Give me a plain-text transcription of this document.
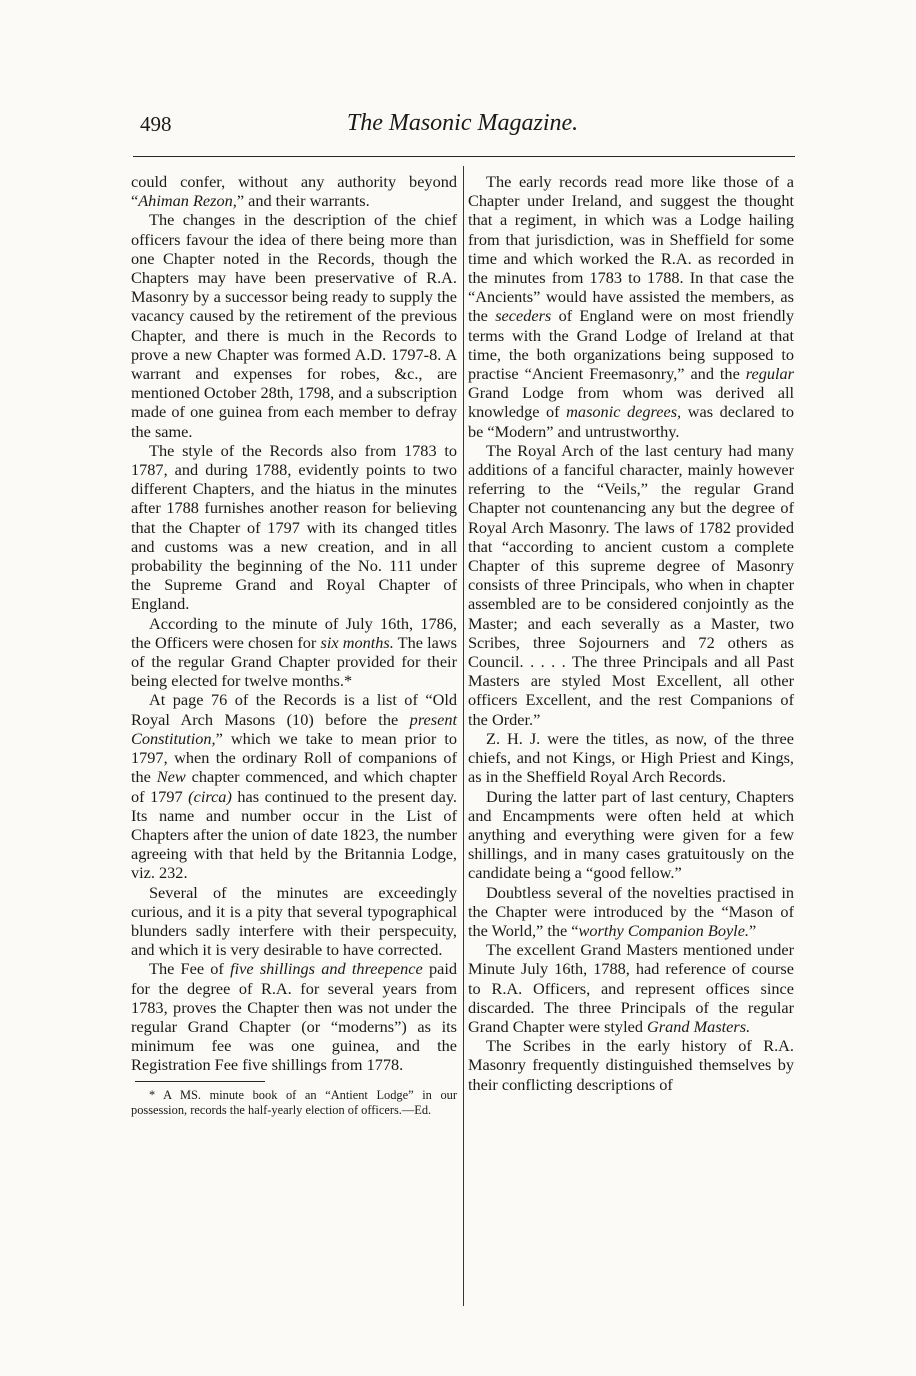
498	The Masonic Magazine.

could confer, without any authority beyond “Ahiman Rezon,” and their warrants.

The changes in the description of the chief officers favour the idea of there being more than one Chapter noted in the Records, though the Chapters may have been preservative of R.A. Masonry by a successor being ready to supply the vacancy caused by the retirement of the previous Chapter, and there is much in the Records to prove a new Chapter was formed A.D. 1797-8. A warrant and expenses for robes, &c., are mentioned October 28th, 1798, and a subscription made of one guinea from each member to defray the same.

The style of the Records also from 1783 to 1787, and during 1788, evidently points to two different Chapters, and the hiatus in the minutes after 1788 furnishes another reason for believing that the Chapter of 1797 with its changed titles and customs was a new creation, and in all probability the beginning of the No. 111 under the Supreme Grand and Royal Chapter of England.

According to the minute of July 16th, 1786, the Officers were chosen for six months. The laws of the regular Grand Chapter provided for their being elected for twelve months.*

At page 76 of the Records is a list of “Old Royal Arch Masons (10) before the present Constitution,” which we take to mean prior to 1797, when the ordinary Roll of companions of the New chapter commenced, and which chapter of 1797 (circa) has continued to the present day. Its name and number occur in the List of Chapters after the union of date 1823, the number agreeing with that held by the Britannia Lodge, viz. 232.

Several of the minutes are exceedingly curious, and it is a pity that several typographical blunders sadly interfere with their perspecuity, and which it is very desirable to have corrected.

The Fee of five shillings and threepence paid for the degree of R.A. for several years from 1783, proves the Chapter then was not under the regular Grand Chapter (or “moderns”) as its minimum fee was one guinea, and the Registration Fee five shillings from 1778.

* A MS. minute book of an “Antient Lodge” in our possession, records the half-yearly election of officers.—Ed.

The early records read more like those of a Chapter under Ireland, and suggest the thought that a regiment, in which was a Lodge hailing from that jurisdiction, was in Sheffield for some time and which worked the R.A. as recorded in the minutes from 1783 to 1788. In that case the “Ancients” would have assisted the members, as the seceders of England were on most friendly terms with the Grand Lodge of Ireland at that time, the both organizations being supposed to practise “Ancient Freemasonry,” and the regular Grand Lodge from whom was derived all knowledge of masonic degrees, was declared to be “Modern” and untrustworthy.

The Royal Arch of the last century had many additions of a fanciful character, mainly however referring to the “Veils,” the regular Grand Chapter not countenancing any but the degree of Royal Arch Masonry. The laws of 1782 provided that “according to ancient custom a complete Chapter of this supreme degree of Masonry consists of three Principals, who when in chapter assembled are to be considered conjointly as the Master; and each severally as a Master, two Scribes, three Sojourners and 72 others as Council. . . . . The three Principals and all Past Masters are styled Most Excellent, all other officers Excellent, and the rest Companions of the Order.”

Z. H. J. were the titles, as now, of the three chiefs, and not Kings, or High Priest and Kings, as in the Sheffield Royal Arch Records.

During the latter part of last century, Chapters and Encampments were often held at which anything and everything were given for a few shillings, and in many cases gratuitously on the candidate being a “good fellow.”

Doubtless several of the novelties practised in the Chapter were introduced by the “Mason of the World,” the “worthy Companion Boyle.”

The excellent Grand Masters mentioned under Minute July 16th, 1788, had reference of course to R.A. Officers, and represent offices since discarded. The three Principals of the regular Grand Chapter were styled Grand Masters.

The Scribes in the early history of R.A. Masonry frequently distinguished themselves by their conflicting descriptions of
